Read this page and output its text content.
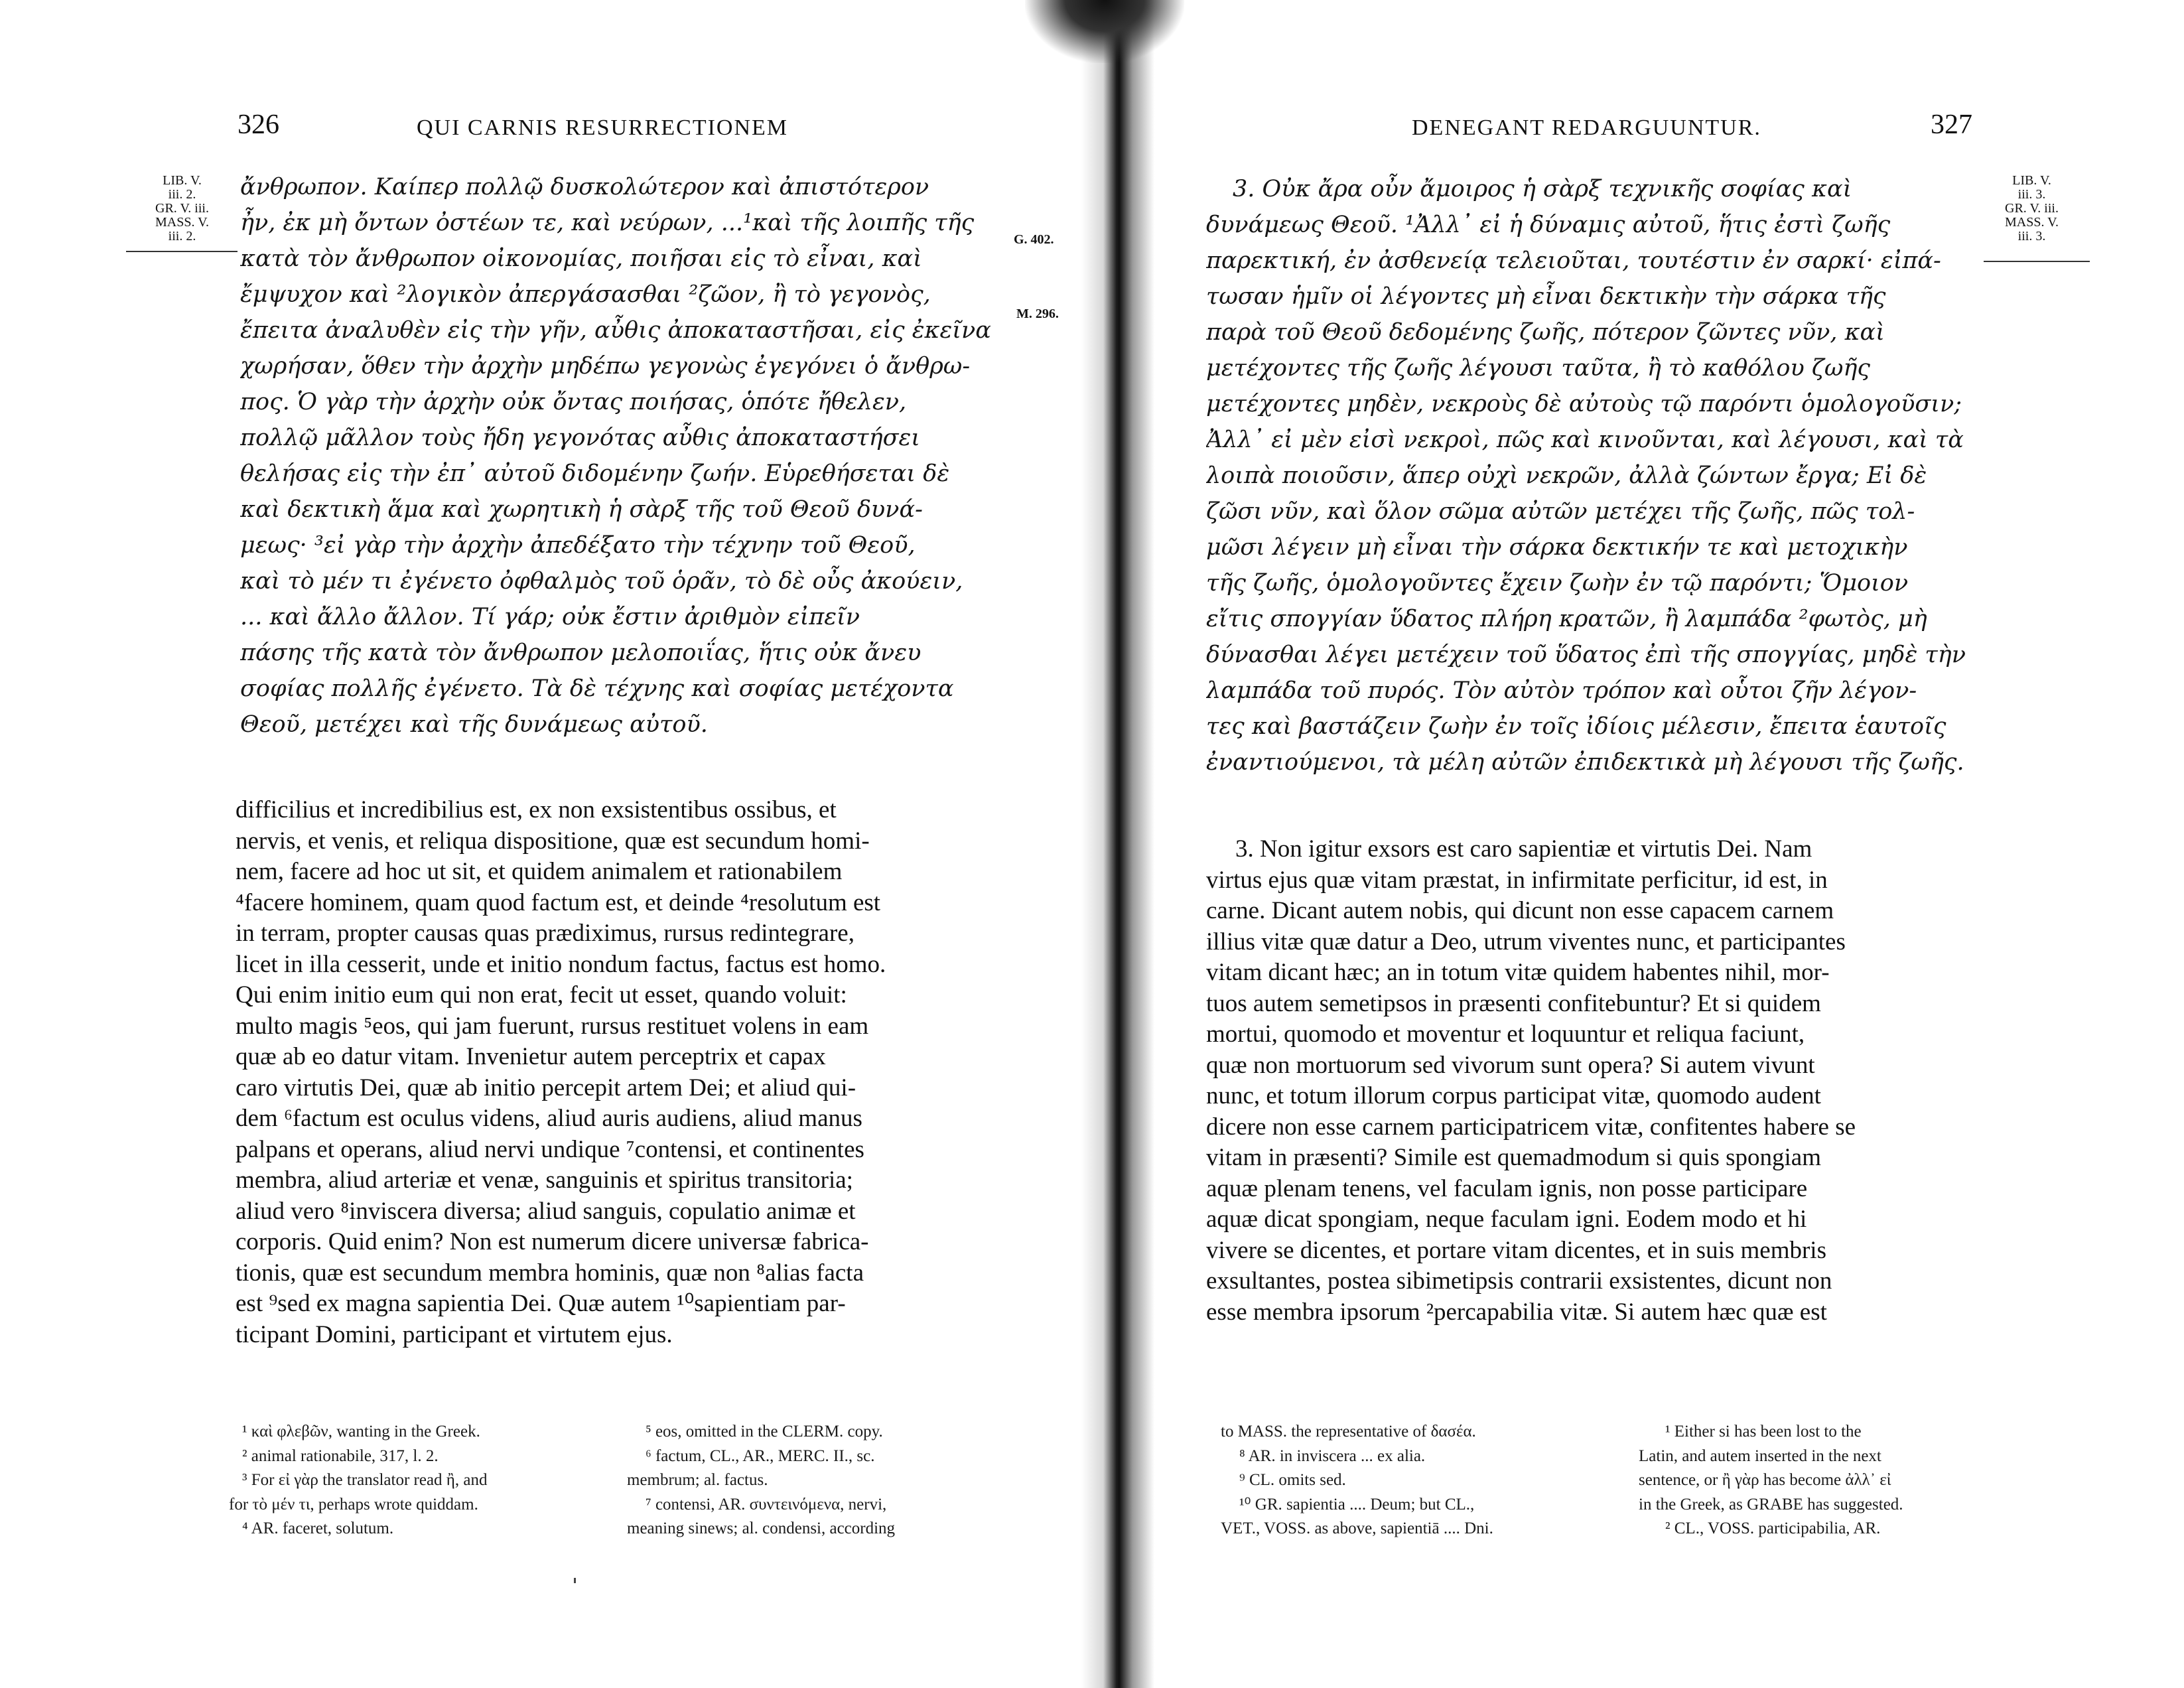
326	QUI CARNIS RESURRECTIONEM
LIB. V.
iii. 2.
GR. V. iii.
MASS. V.
iii. 2.	G. 402.
M. 296.
ἄνθρωπον. Καίπερ πολλῷ δυσκολώτερον καὶ ἀπιστότερον
ἦν, ἐκ μὴ ὄντων ὀστέων τε, καὶ νεύρων, ...¹καὶ τῆς λοιπῆς τῆς
κατὰ τὸν ἄνθρωπον οἰκονομίας, ποιῆσαι εἰς τὸ εἶναι, καὶ
ἔμψυχον καὶ ²λογικὸν ἀπεργάσασθαι ²ζῶον, ἢ τὸ γεγονὸς,
ἔπειτα ἀναλυθὲν εἰς τὴν γῆν, αὖθις ἀποκαταστῆσαι, εἰς ἐκεῖνα
χωρήσαν, ὅθεν τὴν ἀρχὴν μηδέπω γεγονὼς ἐγεγόνει ὁ ἄνθρω-
πος. Ὁ γὰρ τὴν ἀρχὴν οὐκ ὄντας ποιήσας, ὁπότε ἤθελεν,
πολλῷ μᾶλλον τοὺς ἤδη γεγονότας αὖθις ἀποκαταστήσει
θελήσας εἰς τὴν ἐπ᾽ αὐτοῦ διδομένην ζωήν. Εὑρεθήσεται δὲ
καὶ δεκτικὴ ἅμα καὶ χωρητικὴ ἡ σὰρξ τῆς τοῦ Θεοῦ δυνά-
μεως· ³εἰ γὰρ τὴν ἀρχὴν ἀπεδέξατο τὴν τέχνην τοῦ Θεοῦ,
καὶ τὸ μέν τι ἐγένετο ὀφθαλμὸς τοῦ ὁρᾶν, τὸ δὲ οὖς ἀκούειν,
... καὶ ἄλλο ἄλλον. Τί γάρ; οὐκ ἔστιν ἀριθμὸν εἰπεῖν
πάσης τῆς κατὰ τὸν ἄνθρωπον μελοποιΐας, ἥτις οὐκ ἄνευ
σοφίας πολλῆς ἐγένετο. Τὰ δὲ τέχνης καὶ σοφίας μετέχοντα
Θεοῦ, μετέχει καὶ τῆς δυνάμεως αὐτοῦ.
difficilius et incredibilius est, ex non exsistentibus ossibus, et
nervis, et venis, et reliqua dispositione, quæ est secundum homi-
nem, facere ad hoc ut sit, et quidem animalem et rationabilem
⁴facere hominem, quam quod factum est, et deinde ⁴resolutum est
in terram, propter causas quas prædiximus, rursus redintegrare,
licet in illa cesserit, unde et initio nondum factus, factus est homo.
Qui enim initio eum qui non erat, fecit ut esset, quando voluit:
multo magis ⁵eos, qui jam fuerunt, rursus restituet volens in eam
quæ ab eo datur vitam. Invenietur autem perceptrix et capax
caro virtutis Dei, quæ ab initio percepit artem Dei; et aliud qui-
dem ⁶factum est oculus videns, aliud auris audiens, aliud manus
palpans et operans, aliud nervi undique ⁷contensi, et continentes
membra, aliud arteriæ et venæ, sanguinis et spiritus transitoria;
aliud vero ⁸inviscera diversa; aliud sanguis, copulatio animæ et
corporis. Quid enim? Non est numerum dicere universæ fabrica-
tionis, quæ est secundum membra hominis, quæ non ⁸alias facta
est ⁹sed ex magna sapientia Dei. Quæ autem ¹⁰sapientiam par-
ticipant Domini, participant et virtutem ejus.
¹ καὶ φλεβῶν, wanting in the Greek.
² animal rationabile, 317, l. 2.
³ For εἰ γὰρ the translator read ἢ, and
for τὸ μέν τι, perhaps wrote quiddam.
⁴ AR. faceret, solutum.
⁵ eos, omitted in the CLERM. copy.
⁶ factum, CL., AR., MERC. II., sc.
membrum; al. factus.
⁷ contensi, AR. συντεινόμενα, nervi,
meaning sinews; al. condensi, according
DENEGANT REDARGUUNTUR.	327
LIB. V.
iii. 3.
GR. V. iii.
MASS. V.
iii. 3.
3. Οὐκ ἄρα οὖν ἄμοιρος ἡ σὰρξ τεχνικῆς σοφίας καὶ
δυνάμεως Θεοῦ. ¹Ἀλλ᾽ εἰ ἡ δύναμις αὐτοῦ, ἥτις ἐστὶ ζωῆς
παρεκτική, ἐν ἀσθενείᾳ τελειοῦται, τουτέστιν ἐν σαρκί· εἰπά-
τωσαν ἡμῖν οἱ λέγοντες μὴ εἶναι δεκτικὴν τὴν σάρκα τῆς
παρὰ τοῦ Θεοῦ δεδομένης ζωῆς, πότερον ζῶντες νῦν, καὶ
μετέχοντες τῆς ζωῆς λέγουσι ταῦτα, ἢ τὸ καθόλου ζωῆς
μετέχοντες μηδὲν, νεκροὺς δὲ αὐτοὺς τῷ παρόντι ὁμολογοῦσιν;
Ἀλλ᾽ εἰ μὲν εἰσὶ νεκροὶ, πῶς καὶ κινοῦνται, καὶ λέγουσι, καὶ τὰ
λοιπὰ ποιοῦσιν, ἅπερ οὐχὶ νεκρῶν, ἀλλὰ ζώντων ἔργα; Εἰ δὲ
ζῶσι νῦν, καὶ ὅλον σῶμα αὐτῶν μετέχει τῆς ζωῆς, πῶς τολ-
μῶσι λέγειν μὴ εἶναι τὴν σάρκα δεκτικήν τε καὶ μετοχικὴν
τῆς ζωῆς, ὁμολογοῦντες ἔχειν ζωὴν ἐν τῷ παρόντι; Ὅμοιον
εἴτις σπογγίαν ὕδατος πλήρη κρατῶν, ἢ λαμπάδα ²φωτὸς, μὴ
δύνασθαι λέγει μετέχειν τοῦ ὕδατος ἐπὶ τῆς σπογγίας, μηδὲ τὴν
λαμπάδα τοῦ πυρός. Τὸν αὐτὸν τρόπον καὶ οὗτοι ζῆν λέγον-
τες καὶ βαστάζειν ζωὴν ἐν τοῖς ἰδίοις μέλεσιν, ἔπειτα ἑαυτοῖς
ἐναντιούμενοι, τὰ μέλη αὐτῶν ἐπιδεκτικὰ μὴ λέγουσι τῆς ζωῆς.
3. Non igitur exsors est caro sapientiæ et virtutis Dei. Nam
virtus ejus quæ vitam præstat, in infirmitate perficitur, id est, in
carne. Dicant autem nobis, qui dicunt non esse capacem carnem
illius vitæ quæ datur a Deo, utrum viventes nunc, et participantes
vitam dicant hæc; an in totum vitæ quidem habentes nihil, mor-
tuos autem semetipsos in præsenti confitebuntur? Et si quidem
mortui, quomodo et moventur et loquuntur et reliqua faciunt,
quæ non mortuorum sed vivorum sunt opera? Si autem vivunt
nunc, et totum illorum corpus participat vitæ, quomodo audent
dicere non esse carnem participatricem vitæ, confitentes habere se
vitam in præsenti? Simile est quemadmodum si quis spongiam
aquæ plenam tenens, vel faculam ignis, non posse participare
aquæ dicat spongiam, neque faculam igni. Eodem modo et hi
vivere se dicentes, et portare vitam dicentes, et in suis membris
exsultantes, postea sibimetipsis contrarii exsistentes, dicunt non
esse membra ipsorum ²percapabilia vitæ. Si autem hæc quæ est
to MASS. the representative of δασέα.
⁸ AR. in inviscera ... ex alia.
⁹ CL. omits sed.
¹⁰ GR. sapientia .... Deum; but CL.,
VET., VOSS. as above, sapientiā .... Dni.
¹ Either si has been lost to the
Latin, and autem inserted in the next
sentence, or ἢ γὰρ has become ἀλλ᾽ εἰ
in the Greek, as GRABE has suggested.
² CL., VOSS. participabilia, AR.
